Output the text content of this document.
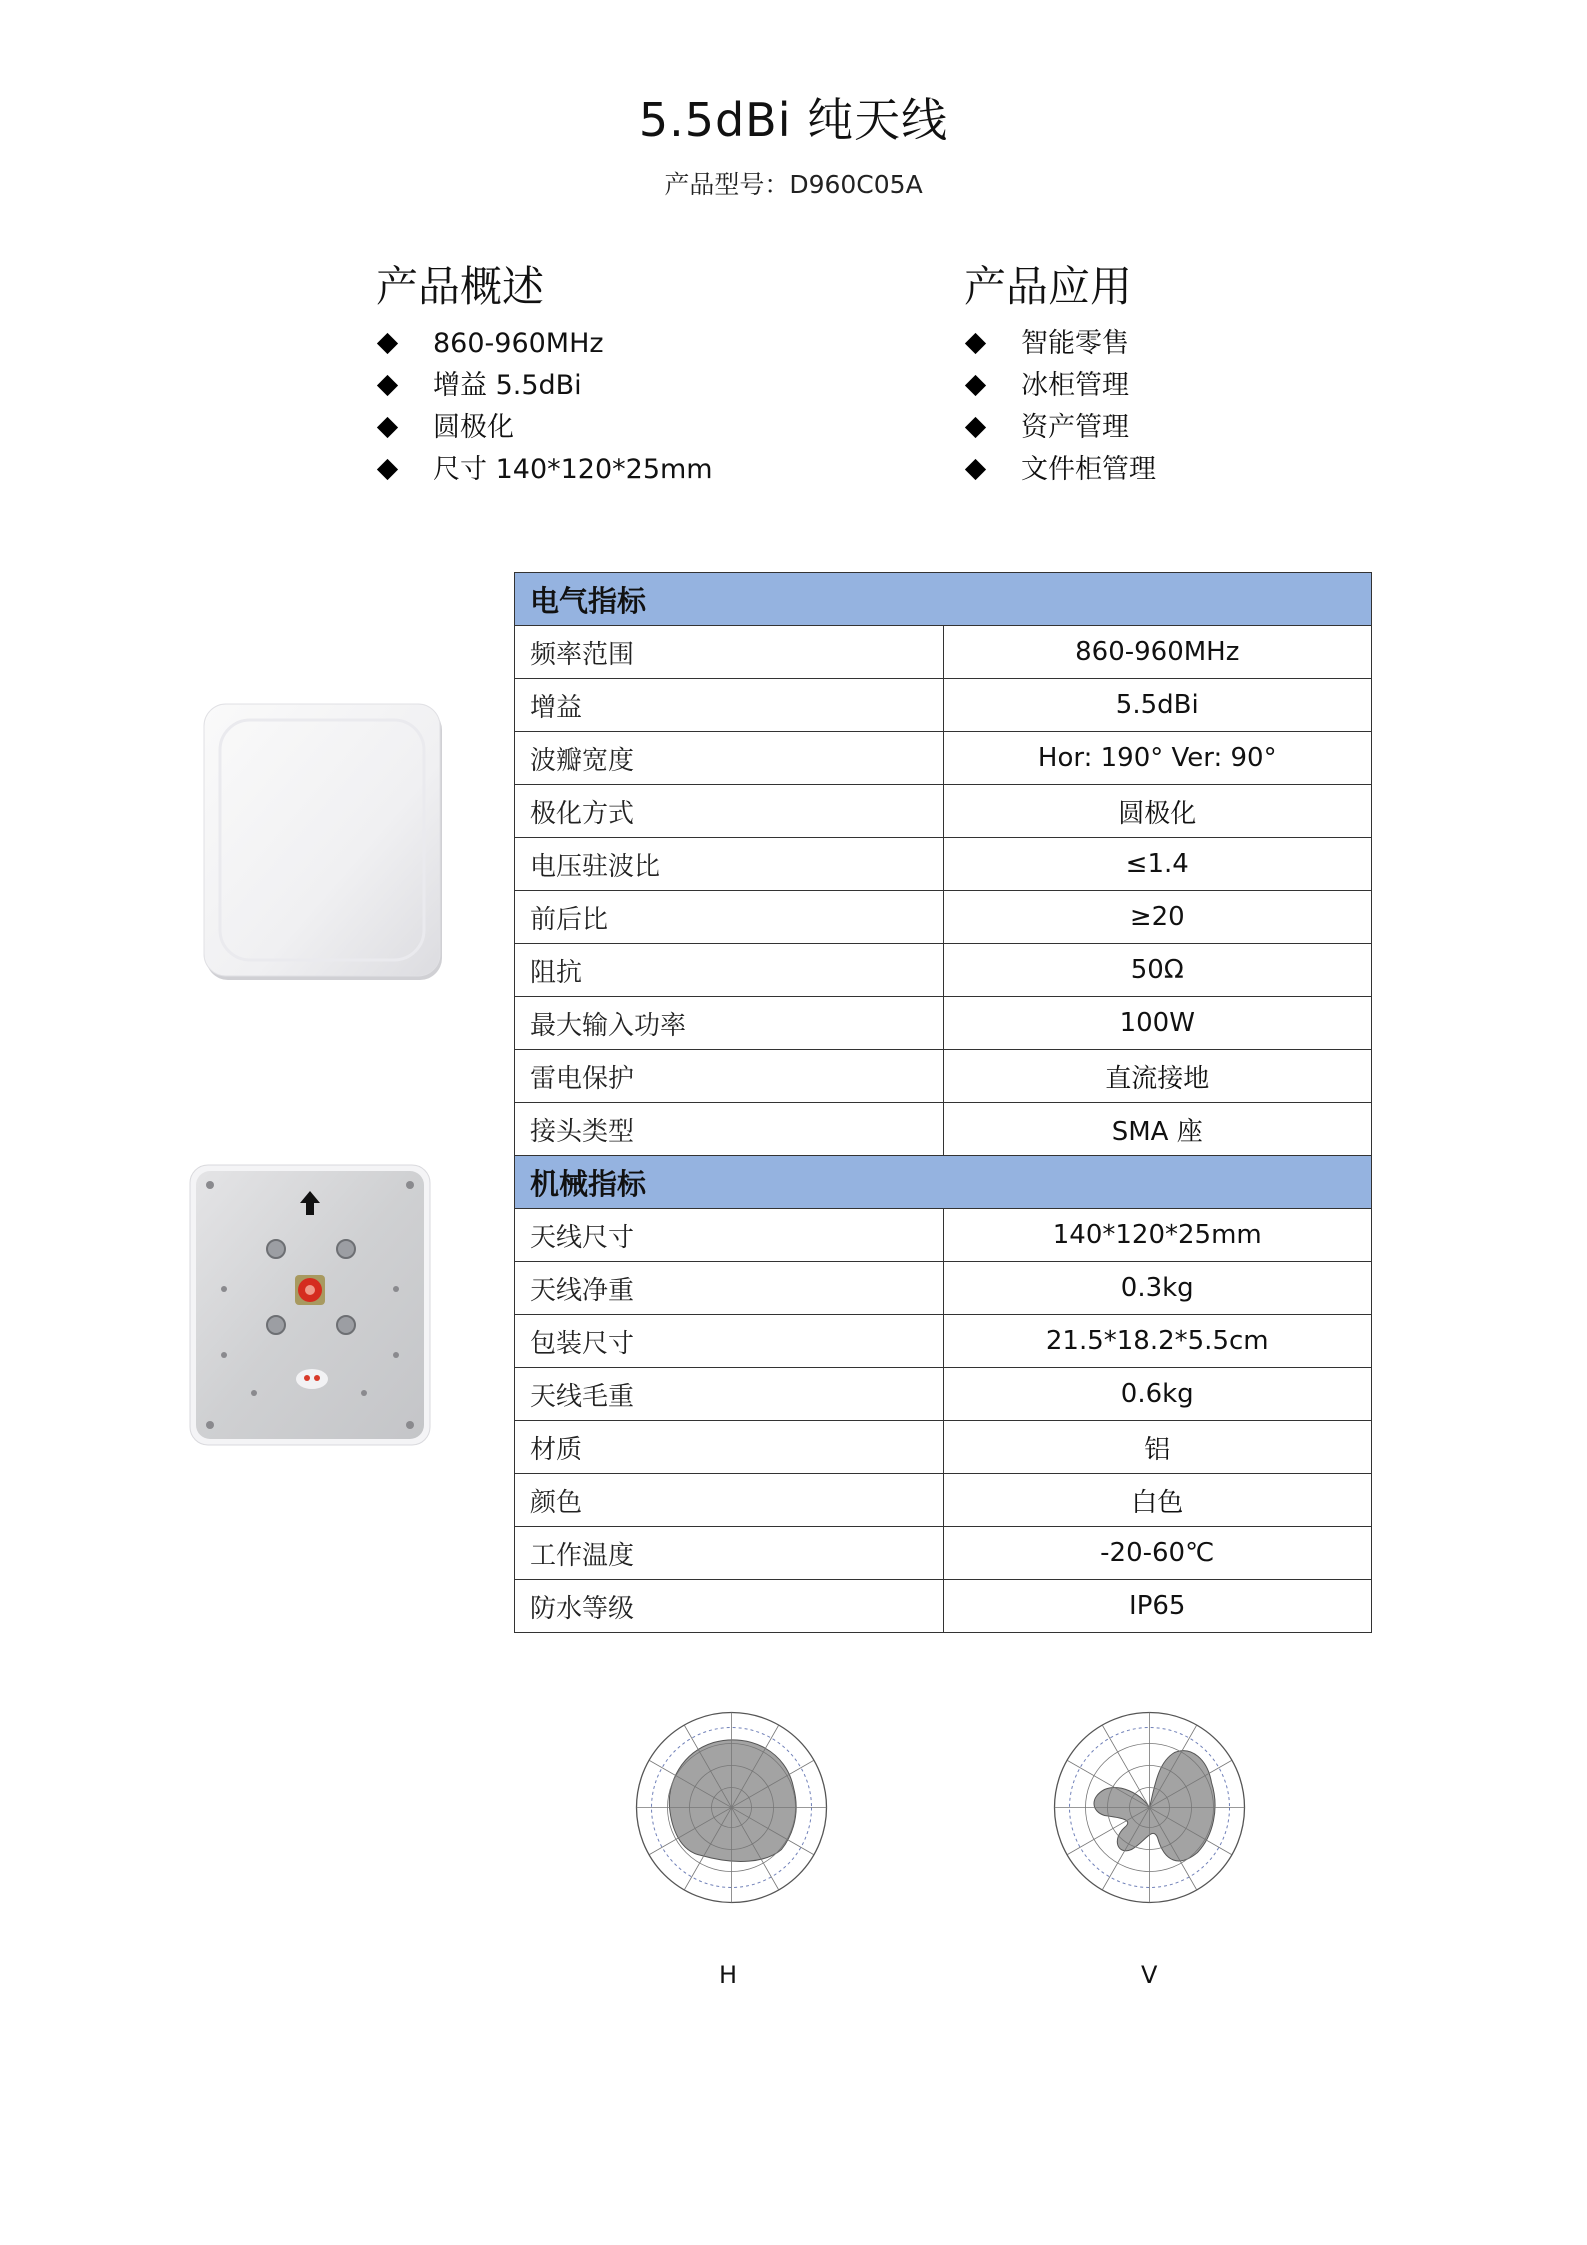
5.5dBi 纯天线
产品型号：D960C05A
产品概述
860-960MHz
增益 5.5dBi
圆极化
尺寸 140*120*25mm
产品应用
智能零售
冰柜管理
资产管理
文件柜管理
电气指标	
频率范围	860-960MHz
增益	5.5dBi
波瓣宽度	Hor: 190° Ver: 90°
极化方式	圆极化
电压驻波比	≤1.4
前后比	≥20
阻抗	50Ω
最大输入功率	100W
雷电保护	直流接地
接头类型	SMA 座
机械指标	
天线尺寸	140*120*25mm
天线净重	0.3kg
包装尺寸	21.5*18.2*5.5cm
天线毛重	0.6kg
材质	铝
颜色	白色
工作温度	-20-60℃
防水等级	IP65
H	V
